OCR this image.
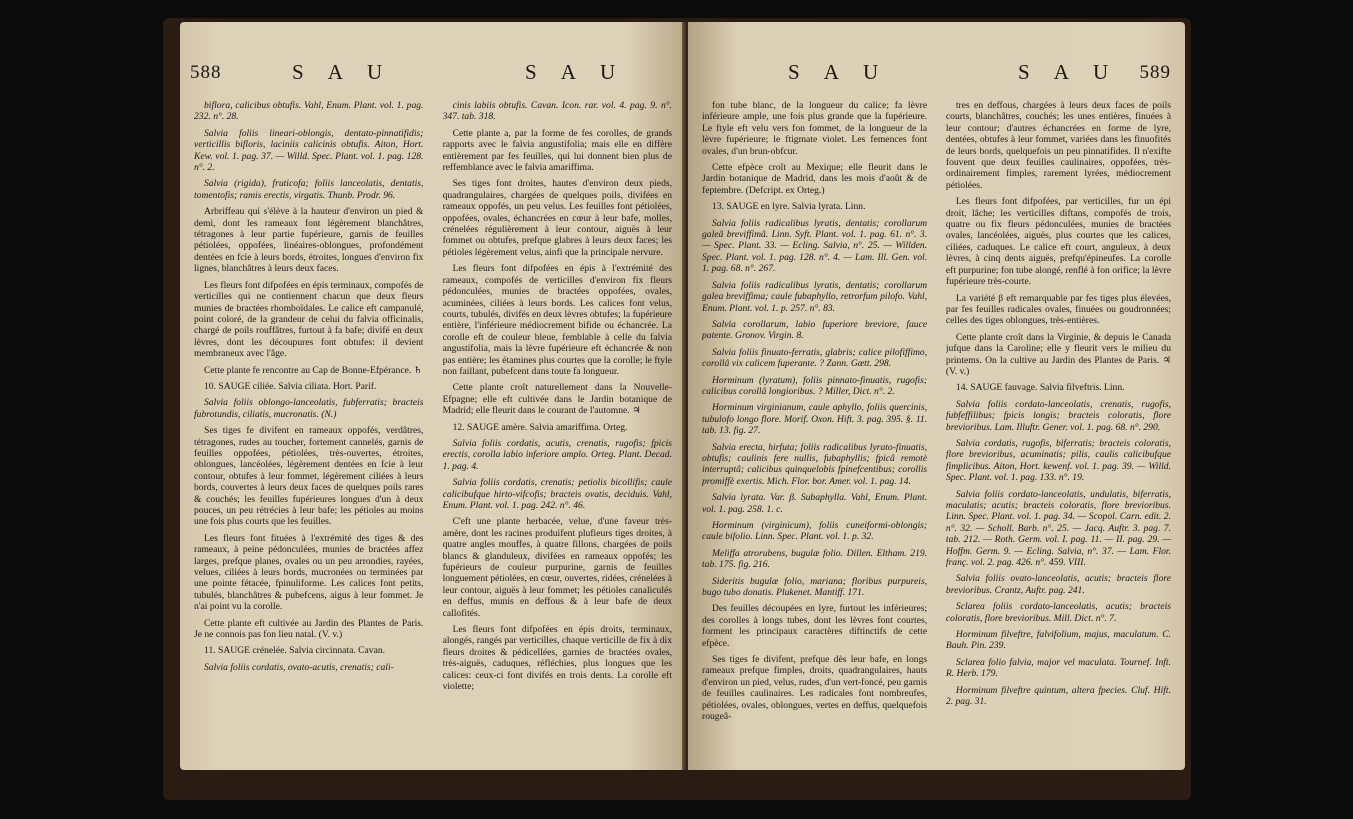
588	S A U	S A U

biflora, calicibus obtufis. Vahl, Enum. Plant. vol. 1. pag. 232. n°. 28.

Salvia foliis lineari-oblongis, dentato-pinnatifidis; verticillis bifloris, laciniis calicinis obtufis. Aiton, Hort. Kew. vol. 1. pag. 37. — Willd. Spec. Plant. vol. 1. pag. 128. n°. 2.

Salvia (rigida), fruticofa; foliis lanceolatis, dentatis, tomentofis; ramis erectis, virgatis. Thunb. Prodr. 96.

Arbriffeau qui s'élève à la hauteur d'environ un pied & demi, dont les rameaux font légèrement blanchâtres, tétragones à leur partie fupérieure, garnis de feuilles pétiolées, oppofées, linéaires-oblongues, profondément dentées en fcie à leurs bords, étroites, longues d'environ fix lignes, blanchâtres à leurs deux faces.

Les fleurs font difpofées en épis terminaux, compofés de verticilles qui ne contiennent chacun que deux fleurs munies de bractées rhomboïdales. Le calice eft campanulé, point coloré, de la grandeur de celui du falvia officinalis, chargé de poils rouffâtres, furtout à fa bafe; divifé en deux lèvres, dont les découpures font obtufes: il devient membraneux avec l'âge.

Cette plante fe rencontre au Cap de Bonne-Efpérance. ♄

10. SAUGE ciliée. Salvia ciliata. Hort. Parif.

Salvia foliis oblongo-lanceolatis, fubferratis; bracteis fubrotundis, ciliatis, mucronatis. (N.)

Ses tiges fe divifent en rameaux oppofés, verdâtres, tétragones, rudes au toucher, fortement cannelés, garnis de feuilles oppofées, pétiolées, très-ouvertes, étroites, oblongues, lancéolées, légèrement dentées en fcie à leur contour, obtufes à leur fommet, légèrement ciliées à leurs bords, couvertes à leurs deux faces de quelques poils rares & couchés; les feuilles fupérieures longues d'un à deux pouces, un peu rétrécies à leur bafe; les pétioles au moins une fois plus courts que les feuilles.

Les fleurs font fituées à l'extrémité des tiges & des rameaux, à peine pédonculées, munies de bractées affez larges, prefque planes, ovales ou un peu arrondies, rayées, velues, ciliées à leurs bords, mucronées ou terminées par une pointe fétacée, fpinuliforme. Les calices font petits, tubulés, blanchâtres & pubefcens, aigus à leur fommet. Je n'ai point vu la corolle.

Cette plante eft cultivée au Jardin des Plantes de Paris. Je ne connois pas fon lieu natal. (V. v.)

11. SAUGE crénelée. Salvia circinnata. Cavan.

Salvia foliis cordatis, ovato-acutis, crenatis; cali-

cinis labiis obtufis. Cavan. Icon. rar. vol. 4. pag. 9. n°. 347. tab. 318.

Cette plante a, par la forme de fes corolles, de grands rapports avec le falvia angustifolia; mais elle en diffère entièrement par fes feuilles, qui lui donnent bien plus de reffemblance avec le falvia amariffima.

Ses tiges font droites, hautes d'environ deux pieds, quadrangulaires, chargées de quelques poils, divifées en rameaux oppofés, un peu velus. Les feuilles font pétiolées, oppofées, ovales, échancrées en cœur à leur bafe, molles, crénelées régulièrement à leur contour, aiguës à leur fommet ou obtufes, prefque glabres à leurs deux faces; les pétioles légèrement velus, ainfi que la principale nervure.

Les fleurs font difpofées en épis à l'extrémité des rameaux, compofés de verticilles d'environ fix fleurs pédonculées, munies de bractées oppofées, ovales, acuminées, ciliées à leurs bords. Les calices font velus, courts, tubulés, divifés en deux lèvres obtufes; la fupérieure entière, l'inférieure médiocrement bifide ou échancrée. La corolle eft de couleur bleue, femblable à celle du falvia angustifolia, mais la lèvre fupérieure eft échancrée & non pas entière; les étamines plus courtes que la corolle; le ftyle non faillant, pubefcent dans toute fa longueur.

Cette plante croît naturellement dans la Nouvelle-Efpagne; elle eft cultivée dans le Jardin botanique de Madrid; elle fleurit dans le courant de l'automne. ♃

12. SAUGE amère. Salvia amariffima. Orteg.

Salvia foliis cordatis, acutis, crenatis, rugofis; fpicis erectis, corolla labio inferiore amplo. Orteg. Plant. Decad. 1. pag. 4.

Salvia foliis cordatis, crenatis; petiolis bicollifis; caule calicibufque hirto-vifcofis; bracteis ovatis, deciduis. Vahl, Enum. Plant. vol. 1. pag. 242. n°. 46.

C'eft une plante herbacée, velue, d'une faveur très-amère, dont les racines produifent plufieurs tiges droites, à quatre angles mouffes, à quatre fillons, chargées de poils blancs & glanduleux, divifées en rameaux oppofés; les fupérieurs de couleur purpurine, garnis de feuilles longuement pétiolées, en cœur, ouvertes, ridées, crénelées à leur contour, aiguës à leur fommet; les pétioles canaliculés en deffus, munis en deffous & à leur bafe de deux callofités.

Les fleurs font difpofées en épis droits, terminaux, alongés, rangés par verticilles, chaque verticille de fix à dix fleurs droites & pédicellées, garnies de bractées ovales, très-aiguës, caduques, réfléchies, plus longues que les calices: ceux-ci font divifés en trois dents. La corolle eft violette;

S A U	S A U 589

fon tube blanc, de la longueur du calice; fa lèvre inférieure ample, une fois plus grande que la fupérieure. Le ftyle eft velu vers fon fommet, de la longueur de la lèvre fupérieure; le ftigmate violet. Les femences font ovales, d'un brun-obfcur.

Cette efpèce croît au Mexique; elle fleurit dans le Jardin botanique de Madrid, dans les mois d'août & de feptembre. (Defcript. ex Orteg.)

13. SAUGE en lyre. Salvia lyrata. Linn.

Salvia foliis radicalibus lyratis, dentatis; corollarum galeâ breviffimâ. Linn. Syft. Plant. vol. 1. pag. 61. n°. 3. — Spec. Plant. 33. — Ecling. Salvia, n°. 25. — Willden. Spec. Plant. vol. 1. pag. 128. n°. 4. — Lam. Ill. Gen. vol. 1. pag. 68. n°. 267.

Salvia foliis radicalibus lyratis, dentatis; corollarum galea breviffima; caule fubaphyllo, retrorfum pilofo. Vahl, Enum. Plant. vol. 1. p. 257. n°. 83.

Salvia corollarum, labio fuperiore breviore, fauce patente. Gronov. Virgin. 8.

Salvia foliis finuato-ferratis, glabris; calice pilofiffimo, corollâ vix calicem fuperante. ? Zann. Gœtt. 298.

Horminum (lyratum), foliis pinnato-finuatis, rugofis; calicibus corollâ longioribus. ? Miller, Dict. n°. 2.

Horminum virginianum, caule aphyllo, foliis quercinis, tubulofo longo flore. Morif. Oxon. Hift. 3. pag. 395. §. 11. tab. 13. fig. 27.

Salvia erecta, hirfuta; foliis radicalibus lyrato-finuatis, obtufis; caulinis fere nullis, fubaphyllis; fpicâ remotè interruptâ; calicibus quinquelobis fpinefcentibus; corollis promiffè exertis. Mich. Flor. bor. Amer. vol. 1. pag. 14.

Salvia lyrata. Var. β. Subaphylla. Vahl, Enum. Plant. vol. 1. pag. 258. 1. c.

Horminum (virginicum), foliis cuneiformi-oblongis; caule bifolio. Linn. Spec. Plant. vol. 1. p. 32.

Meliffa atrorubens, bugulæ folio. Dillen. Eltham. 219. tab. 175. fig. 216.

Sideritis bugulæ folio, mariana; floribus purpureis, bugo tubo donatis. Plukenet. Mantiff. 171.

Des feuilles découpées en lyre, furtout les inférieures; des corolles à longs tubes, dont les lèvres font courtes, forment les principaux caractères diftinctifs de cette efpèce.

Ses tiges fe divifent, prefque dès leur bafe, en longs rameaux prefque fimples, droits, quadrangulaires, hauts d'environ un pied, velus, rudes, d'un vert-foncé, peu garnis de feuilles caulinaires. Les radicales font nombreufes, pétiolées, ovales, oblongues, vertes en deffus, quelquefois rougeâ-

tres en deffous, chargées à leurs deux faces de poils courts, blanchâtres, couchés; les unes entières, finuées à leur contour; d'autres échancrées en forme de lyre, dentées, obtufes à leur fommet, variées dans les finuofités de leurs bords, quelquefois un peu pinnatifides. Il n'exifte fouvent que deux feuilles caulinaires, oppofées, très-ordinairement fimples, rarement lyrées, médiocrement pétiolées.

Les fleurs font difpofées, par verticilles, fur un épi droit, lâche; les verticilles diftans, compofés de trois, quatre ou fix fleurs pédonculées, munies de bractées ovales, lancéolées, aiguës, plus courtes que les calices, ciliées, caduques. Le calice eft court, anguleux, à deux lèvres, à cinq dents aiguës, prefqu'épineufes. La corolle eft purpurine; fon tube alongé, renflé à fon orifice; la lèvre fupérieure très-courte.

La variété β eft remarquable par fes tiges plus élevées, par fes feuilles radicales ovales, finuées ou goudronnées; celles des tiges oblongues, très-entières.

Cette plante croît dans la Virginie, & depuis le Canada jufque dans la Caroline; elle y fleurit vers le milieu du printems. On la cultive au Jardin des Plantes de Paris. ♃ (V. v.)

14. SAUGE fauvage. Salvia filveftris. Linn.

Salvia foliis cordato-lanceolatis, crenatis, rugofis, fubfeffilibus; fpicis longis; bracteis coloratis, flore brevioribus. Lam. Illuftr. Gener. vol. 1. pag. 68. n°. 290.

Salvia cordatis, rugofis, biferratis; bracteis coloratis, flore brevioribus, acuminatis; pilis, caulis calicibufque fimplicibus. Aiton, Hort. kewenf. vol. 1. pag. 39. — Willd. Spec. Plant. vol. 1. pag. 133. n°. 19.

Salvia foliis cordato-lanceolatis, undulatis, biferratis, maculatis; acutis; bracteis coloratis, flore brevioribus. Linn. Spec. Plant. vol. 1. pag. 34. — Scopol. Carn. edit. 2. n°. 32. — Scholl. Barb. n°. 25. — Jacq. Auftr. 3. pag. 7. tab. 212. — Roth. Germ. vol. I. pag. 11. — II. pag. 29. — Hoffm. Germ. 9. — Ecling. Salvia, n°. 37. — Lam. Flor. franç. vol. 2. pag. 426. n°. 459. VIII.

Salvia foliis ovato-lanceolatis, acutis; bracteis flore brevioribus. Crantz, Auftr. pag. 241.

Sclarea foliis cordato-lanceolatis, acutis; bracteis coloratis, flore brevioribus. Mill. Dict. n°. 7.

Horminum filveftre, falvifolium, majus, maculatum. C. Bauh. Pin. 239.

Sclarea folio falvia, major vel maculata. Tournef. Inft. R. Herb. 179.

Horminum filveftre quintum, altera fpecies. Cluf. Hift. 2. pag. 31.
